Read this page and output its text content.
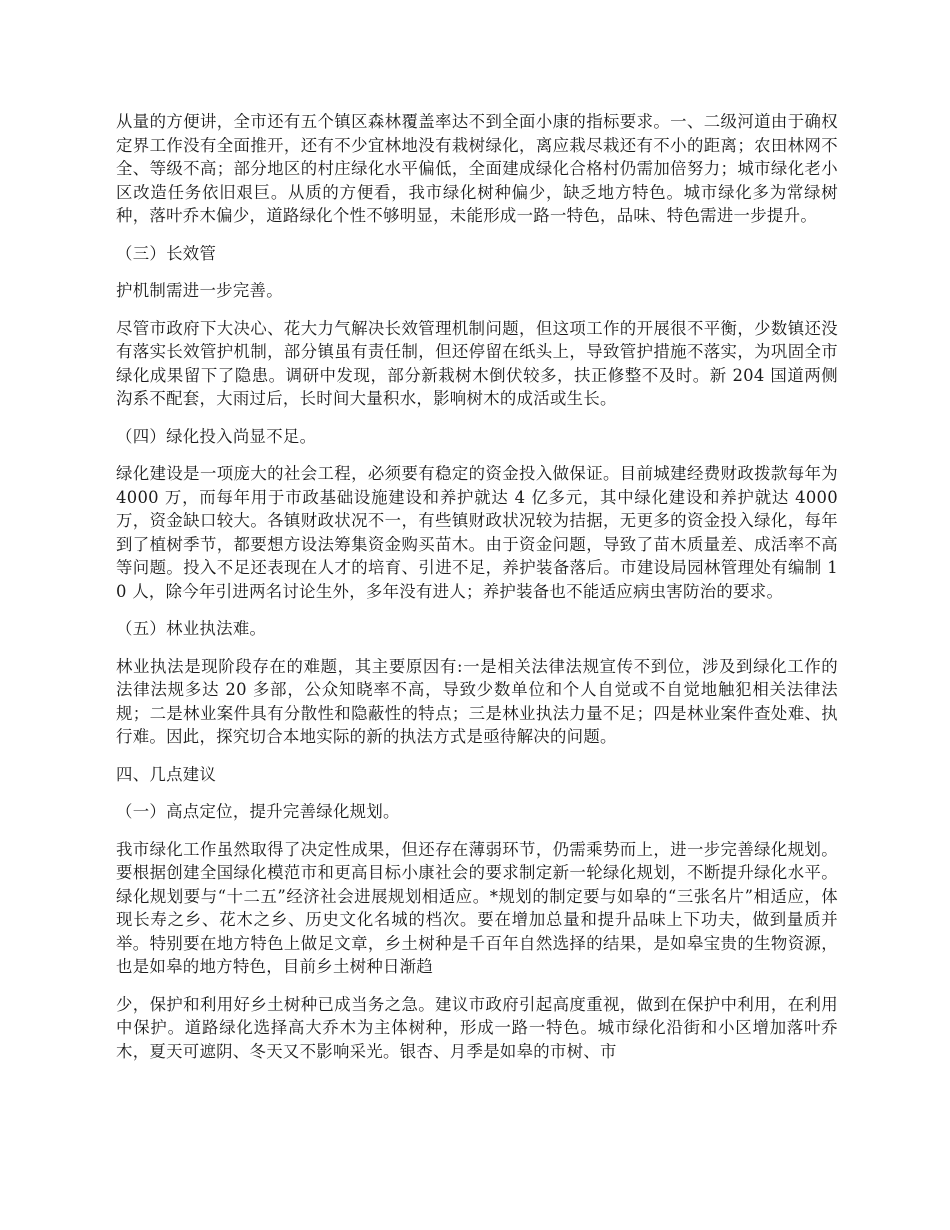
从量的方便讲，全市还有五个镇区森林覆盖率达不到全面小康的指标要求。一、二级河道由于确权定界工作没有全面推开，还有不少宜林地没有栽树绿化，离应栽尽栽还有不小的距离；农田林网不全、等级不高；部分地区的村庄绿化水平偏低，全面建成绿化合格村仍需加倍努力；城市绿化老小区改造任务依旧艰巨。从质的方便看，我市绿化树种偏少，缺乏地方特色。城市绿化多为常绿树种，落叶乔木偏少，道路绿化个性不够明显，未能形成一路一特色，品味、特色需进一步提升。

（三）长效管

护机制需进一步完善。

尽管市政府下大决心、花大力气解决长效管理机制问题，但这项工作的开展很不平衡，少数镇还没有落实长效管护机制，部分镇虽有责任制，但还停留在纸头上，导致管护措施不落实，为巩固全市绿化成果留下了隐患。调研中发现，部分新栽树木倒伏较多，扶正修整不及时。新 204 国道两侧沟系不配套，大雨过后，长时间大量积水，影响树木的成活或生长。

（四）绿化投入尚显不足。

绿化建设是一项庞大的社会工程，必须要有稳定的资金投入做保证。目前城建经费财政拨款每年为 4000 万，而每年用于市政基础设施建设和养护就达 4 亿多元，其中绿化建设和养护就达 4000 万，资金缺口较大。各镇财政状况不一，有些镇财政状况较为拮据，无更多的资金投入绿化，每年到了植树季节，都要想方设法筹集资金购买苗木。由于资金问题，导致了苗木质量差、成活率不高等问题。投入不足还表现在人才的培育、引进不足，养护装备落后。市建设局园林管理处有编制 10 人，除今年引进两名讨论生外，多年没有进人；养护装备也不能适应病虫害防治的要求。

（五）林业执法难。

林业执法是现阶段存在的难题，其主要原因有:一是相关法律法规宣传不到位，涉及到绿化工作的法律法规多达 20 多部，公众知晓率不高，导致少数单位和个人自觉或不自觉地触犯相关法律法规；二是林业案件具有分散性和隐蔽性的特点；三是林业执法力量不足；四是林业案件查处难、执行难。因此，探究切合本地实际的新的执法方式是亟待解决的问题。

四、几点建议

（一）高点定位，提升完善绿化规划。

我市绿化工作虽然取得了决定性成果，但还存在薄弱环节，仍需乘势而上，进一步完善绿化规划。要根据创建全国绿化模范市和更高目标小康社会的要求制定新一轮绿化规划，不断提升绿化水平。绿化规划要与“十二五”经济社会进展规划相适应。*规划的制定要与如皋的“三张名片”相适应，体现长寿之乡、花木之乡、历史文化名城的档次。要在增加总量和提升品味上下功夫，做到量质并举。特别要在地方特色上做足文章，乡土树种是千百年自然选择的结果，是如皋宝贵的生物资源，也是如皋的地方特色，目前乡土树种日渐趋

少，保护和利用好乡土树种已成当务之急。建议市政府引起高度重视，做到在保护中利用，在利用中保护。道路绿化选择高大乔木为主体树种，形成一路一特色。城市绿化沿街和小区增加落叶乔木，夏天可遮阴、冬天又不影响采光。银杏、月季是如皋的市树、市
